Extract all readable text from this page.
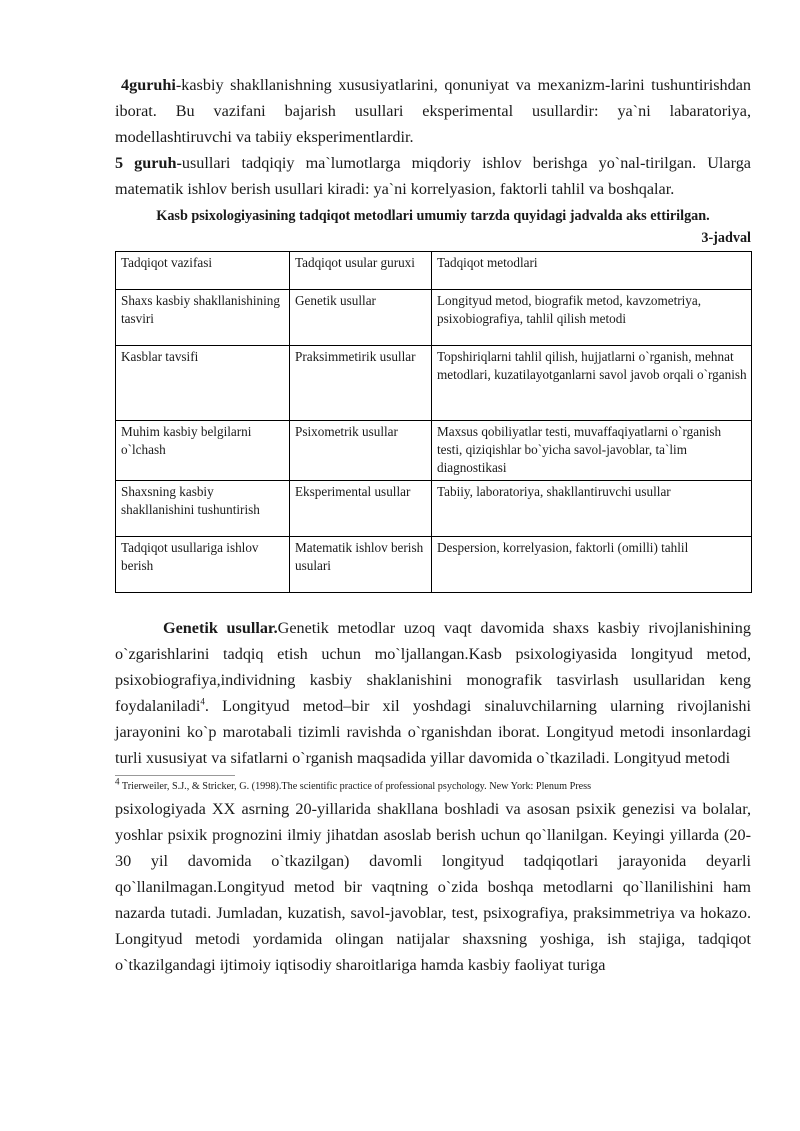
4guruhi-kasbiy shakllanishning xususiyatlarini, qonuniyat va mexanizm-larini tushuntirishdan iborat. Bu vazifani bajarish usullari eksperimental usullardir: ya`ni labaratoriya, modellashtiruvchi va tabiiy eksperimentlardir.

5 guruh-usullari tadqiqiy ma`lumotlarga miqdoriy ishlov berishga yo`nal-tirilgan. Ularga matematik ishlov berish usullari kiradi: ya`ni korrelyasion, faktorli tahlil va boshqalar.

Kasb psixologiyasining tadqiqot metodlari umumiy tarzda quyidagi jadvalda aks ettirilgan.
3-jadval
Tadqiqot vazifasi	Tadqiqot usular guruxi	Tadqiqot metodlari
Shaxs kasbiy shakllanishining tasviri	Genetik usullar	Longityud metod, biografik metod, kavzometriya, psixobiografiya, tahlil qilish metodi
Kasblar tavsifi	Praksimmetirik usullar	Topshiriqlarni tahlil qilish, hujjatlarni o`rganish, mehnat metodlari, kuzatilayotganlarni savol javob orqali o`rganish
Muhim kasbiy belgilarni o`lchash	Psixometrik usullar	Maxsus qobiliyatlar testi, muvaffaqiyatlarni o`rganish testi, qiziqishlar bo`yicha savol-javoblar, ta`lim diagnostikasi
Shaxsning kasbiy shakllanishini tushuntirish	Eksperimental usullar	Tabiiy, laboratoriya, shakllantiruvchi usullar
Tadqiqot usullariga ishlov berish	Matematik ishlov berish usulari	Despersion, korrelyasion, faktorli (omilli) tahlil

Genetik usullar.Genetik metodlar uzoq vaqt davomida shaxs kasbiy rivojlanishining o`zgarishlarini tadqiq etish uchun mo`ljallangan.Kasb psixologiyasida longityud metod, psixobiografiya,individning kasbiy shaklanishini monografik tasvirlash usullaridan keng foydalaniladi$^4$. Longityud metod–bir xil yoshdagi sinaluvchilarning ularning rivojlanishi jarayonini ko`p marotabali tizimli ravishda o`rganishdan iborat. Longityud metodi insonlardagi turli xususiyat va sifatlarni o`rganish maqsadida yillar davomida o`tkaziladi. Longityud metodi

$^4$ Trierweiler, S.J., & Stricker, G. (1998).The scientific practice of professional psychology. New York: Plenum Press

psixologiyada XX asrning 20-yillarida shakllana boshladi va asosan psixik genezisi va bolalar, yoshlar psixik prognozini ilmiy jihatdan asoslab berish uchun qo`llanilgan. Keyingi yillarda (20-30 yil davomida o`tkazilgan) davomli longityud tadqiqotlari jarayonida deyarli qo`llanilmagan.Longityud metod bir vaqtning o`zida boshqa metodlarni qo`llanilishini ham nazarda tutadi. Jumladan, kuzatish, savol-javoblar, test, psixografiya, praksimmetriya va hokazo. Longityud metodi yordamida olingan natijalar shaxsning yoshiga, ish stajiga, tadqiqot o`tkazilgandagi ijtimoiy iqtisodiy sharoitlariga hamda kasbiy faoliyat turiga
